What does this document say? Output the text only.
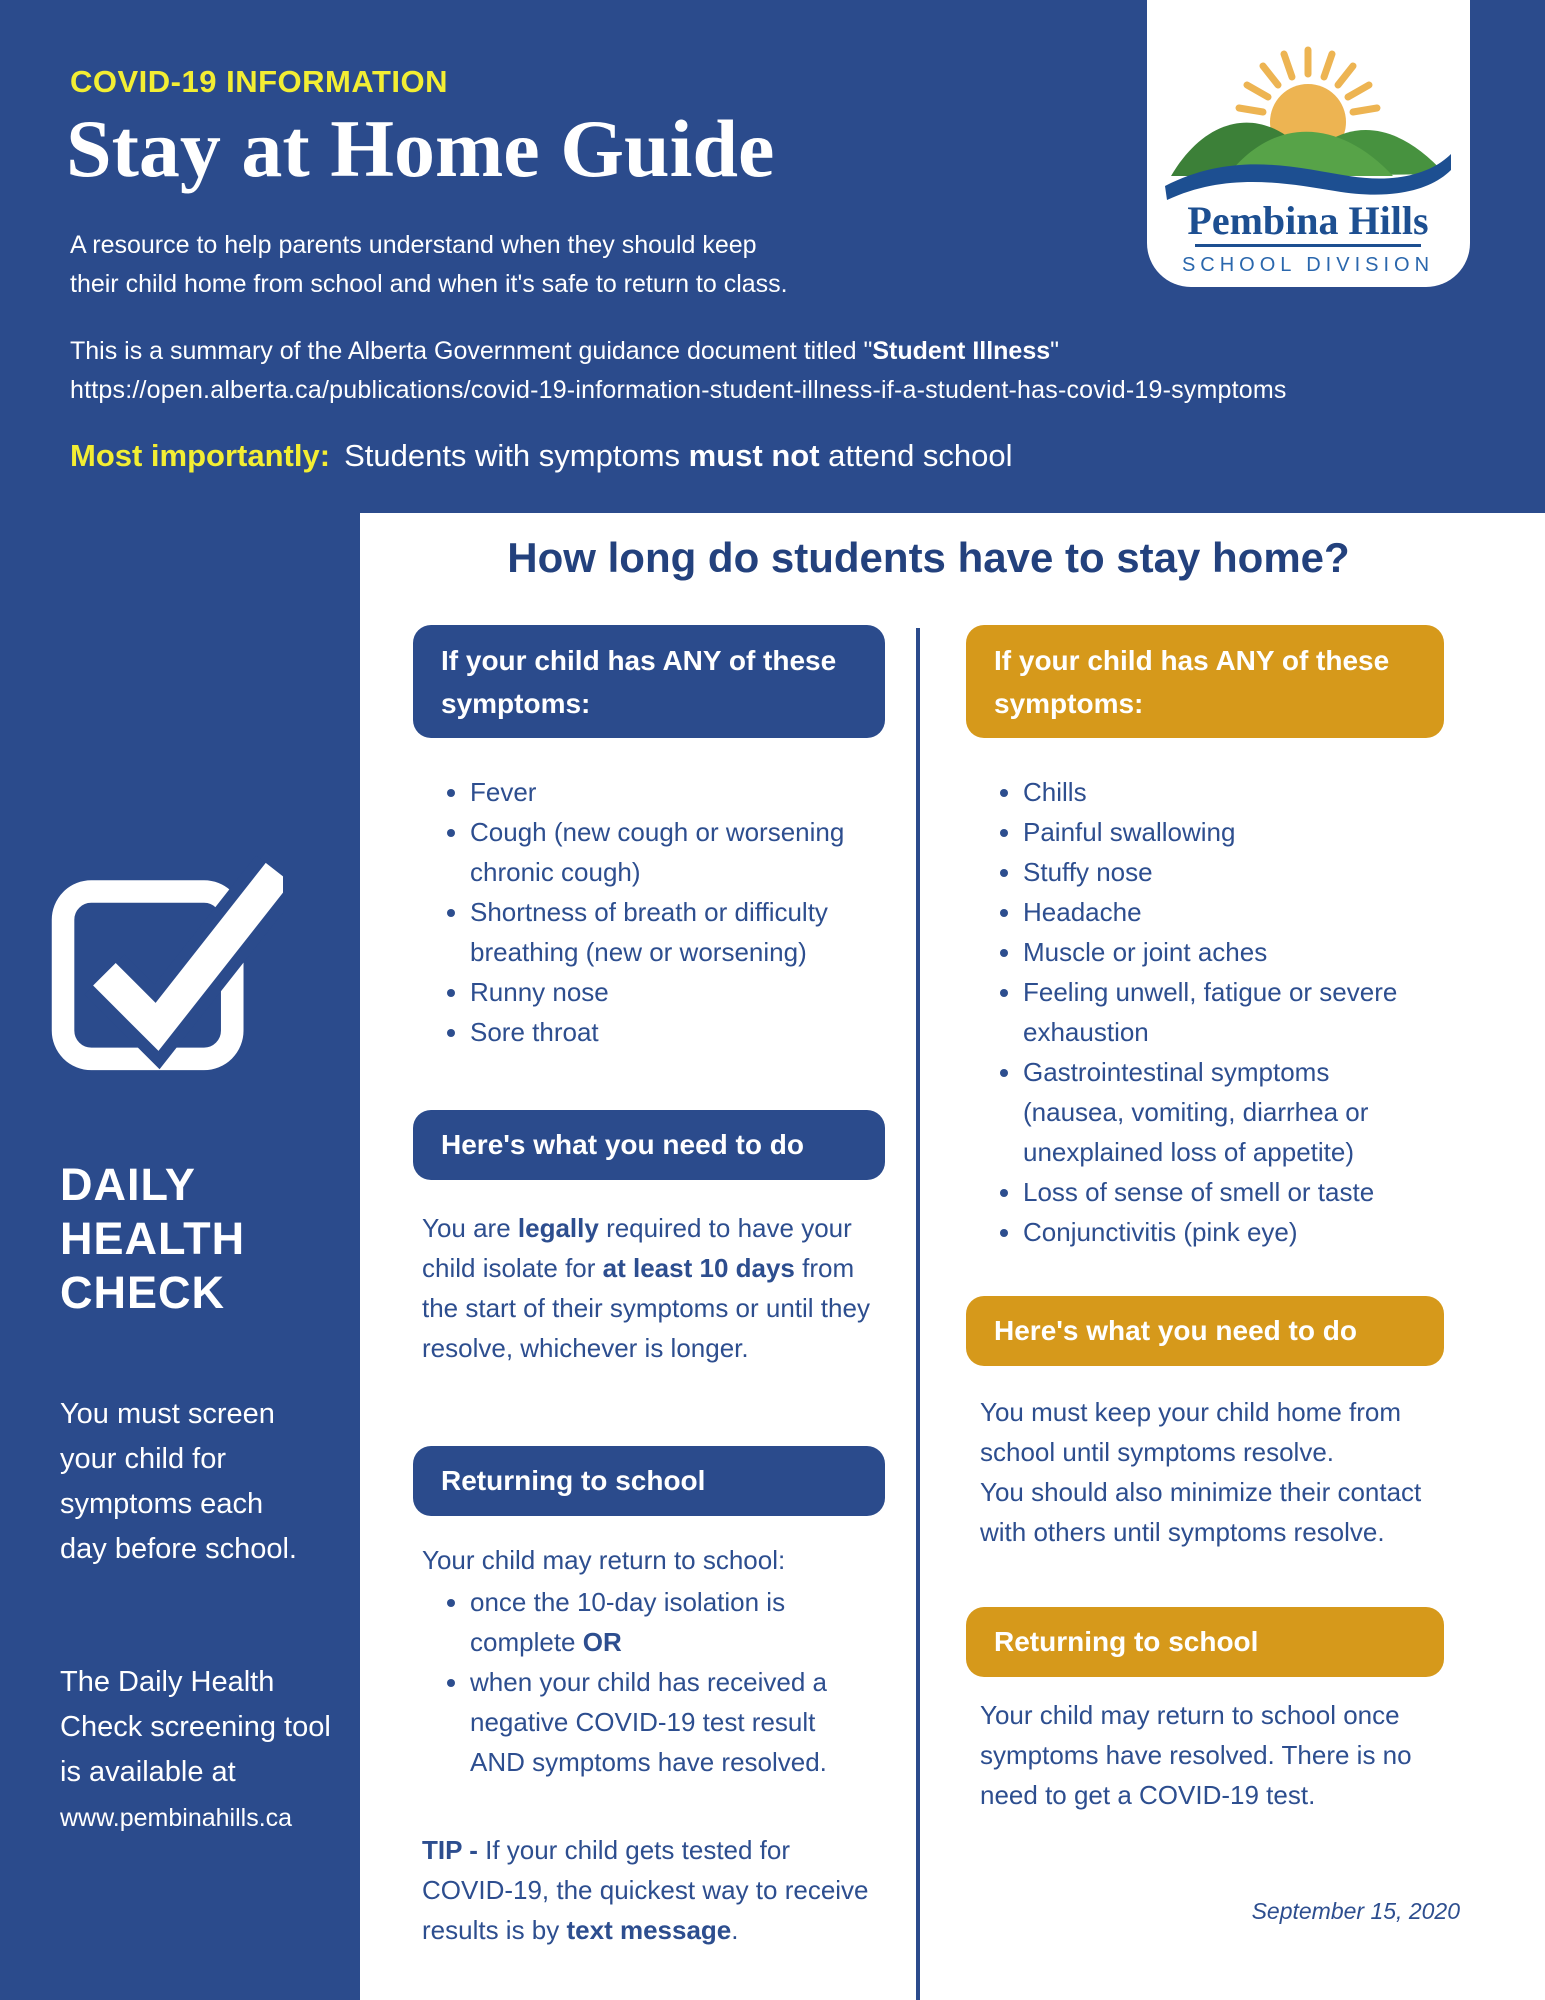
COVID-19 INFORMATION
Stay at Home Guide
A resource to help parents understand when they should keep
their child home from school and when it's safe to return to class.
This is a summary of the Alberta Government guidance document titled "Student Illness"
https://open.alberta.ca/publications/covid-19-information-student-illness-if-a-student-has-covid-19-symptoms
Most importantly: Students with symptoms must not attend school
Pembina Hills
SCHOOL DIVISION
DAILY
HEALTH
CHECK
You must screen your child for symptoms each day before school.
The Daily Health Check screening tool is available at www.pembinahills.ca
How long do students have to stay home?
If your child has ANY of these symptoms:
• Fever
• Cough (new cough or worsening chronic cough)
• Shortness of breath or difficulty breathing (new or worsening)
• Runny nose
• Sore throat
Here's what you need to do
You are legally required to have your child isolate for at least 10 days from the start of their symptoms or until they resolve, whichever is longer.
Returning to school
Your child may return to school:
• once the 10-day isolation is complete OR
• when your child has received a negative COVID-19 test result AND symptoms have resolved.
TIP - If your child gets tested for COVID-19, the quickest way to receive results is by text message.
If your child has ANY of these symptoms:
• Chills
• Painful swallowing
• Stuffy nose
• Headache
• Muscle or joint aches
• Feeling unwell, fatigue or severe exhaustion
• Gastrointestinal symptoms (nausea, vomiting, diarrhea or unexplained loss of appetite)
• Loss of sense of smell or taste
• Conjunctivitis (pink eye)
Here's what you need to do
You must keep your child home from school until symptoms resolve.
You should also minimize their contact with others until symptoms resolve.
Returning to school
Your child may return to school once symptoms have resolved. There is no need to get a COVID-19 test.
September 15, 2020
